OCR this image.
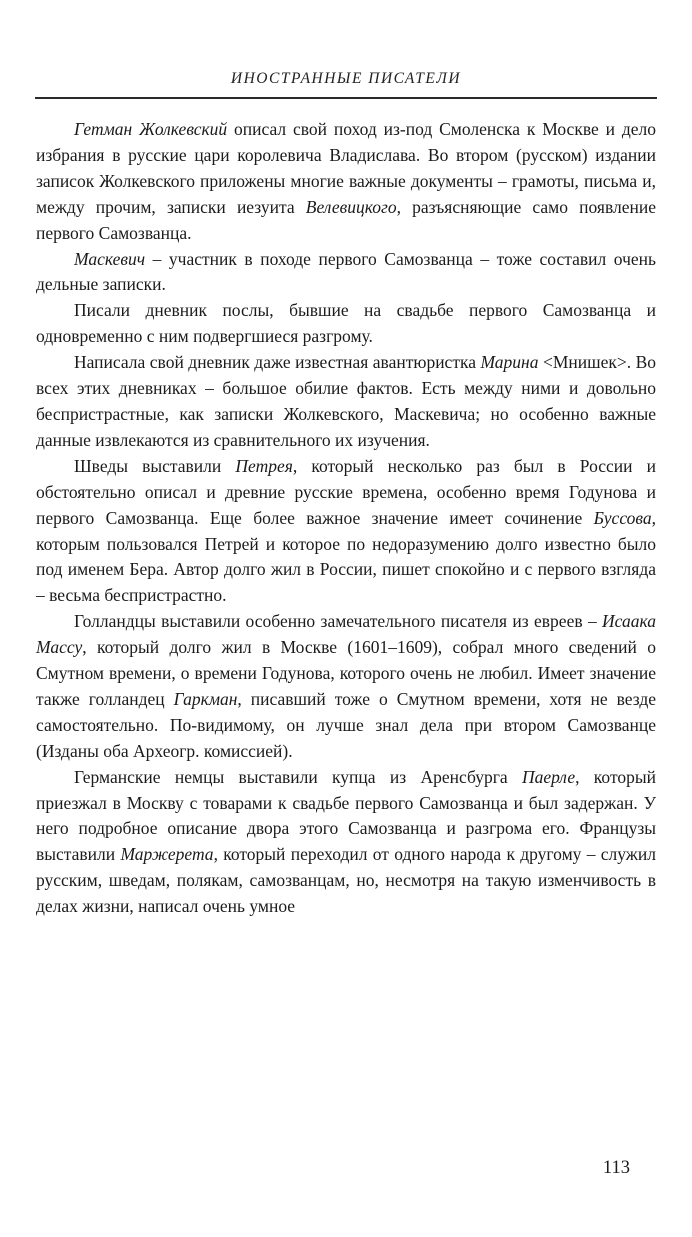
ИНОСТРАННЫЕ ПИСАТЕЛИ

Гетман Жолкевский описал свой поход из-под Смоленска к Москве и дело избрания в русские цари королевича Владислава. Во втором (русском) издании записок Жолкевского приложены многие важные документы – грамоты, письма и, между прочим, записки иезуита Велевицкого, разъясняющие само появление первого Самозванца.

Маскевич – участник в походе первого Самозванца – тоже составил очень дельные записки.

Писали дневник послы, бывшие на свадьбе первого Самозванца и одновременно с ним подвергшиеся разгрому.

Написала свой дневник даже известная авантюристка Марина <Мнишек>. Во всех этих дневниках – большое обилие фактов. Есть между ними и довольно беспристрастные, как записки Жолкевского, Маскевича; но особенно важные данные извлекаются из сравнительного их изучения.

Шведы выставили Петрея, который несколько раз был в России и обстоятельно описал и древние русские времена, особенно время Годунова и первого Самозванца. Еще более важное значение имеет сочинение Буссова, которым пользовался Петрей и которое по недоразумению долго известно было под именем Бера. Автор долго жил в России, пишет спокойно и с первого взгляда – весьма беспристрастно.

Голландцы выставили особенно замечательного писателя из евреев – Исаака Массу, который долго жил в Москве (1601–1609), собрал много сведений о Смутном времени, о времени Годунова, которого очень не любил. Имеет значение также голландец Гаркман, писавший тоже о Смутном времени, хотя не везде самостоятельно. По-видимому, он лучше знал дела при втором Самозванце (Изданы оба Археогр. комиссией).

Германские немцы выставили купца из Аренсбурга Паерле, который приезжал в Москву с товарами к свадьбе первого Самозванца и был задержан. У него подробное описание двора этого Самозванца и разгрома его. Французы выставили Маржерета, который переходил от одного народа к другому – служил русским, шведам, полякам, самозванцам, но, несмотря на такую изменчивость в делах жизни, написал очень умное

113
